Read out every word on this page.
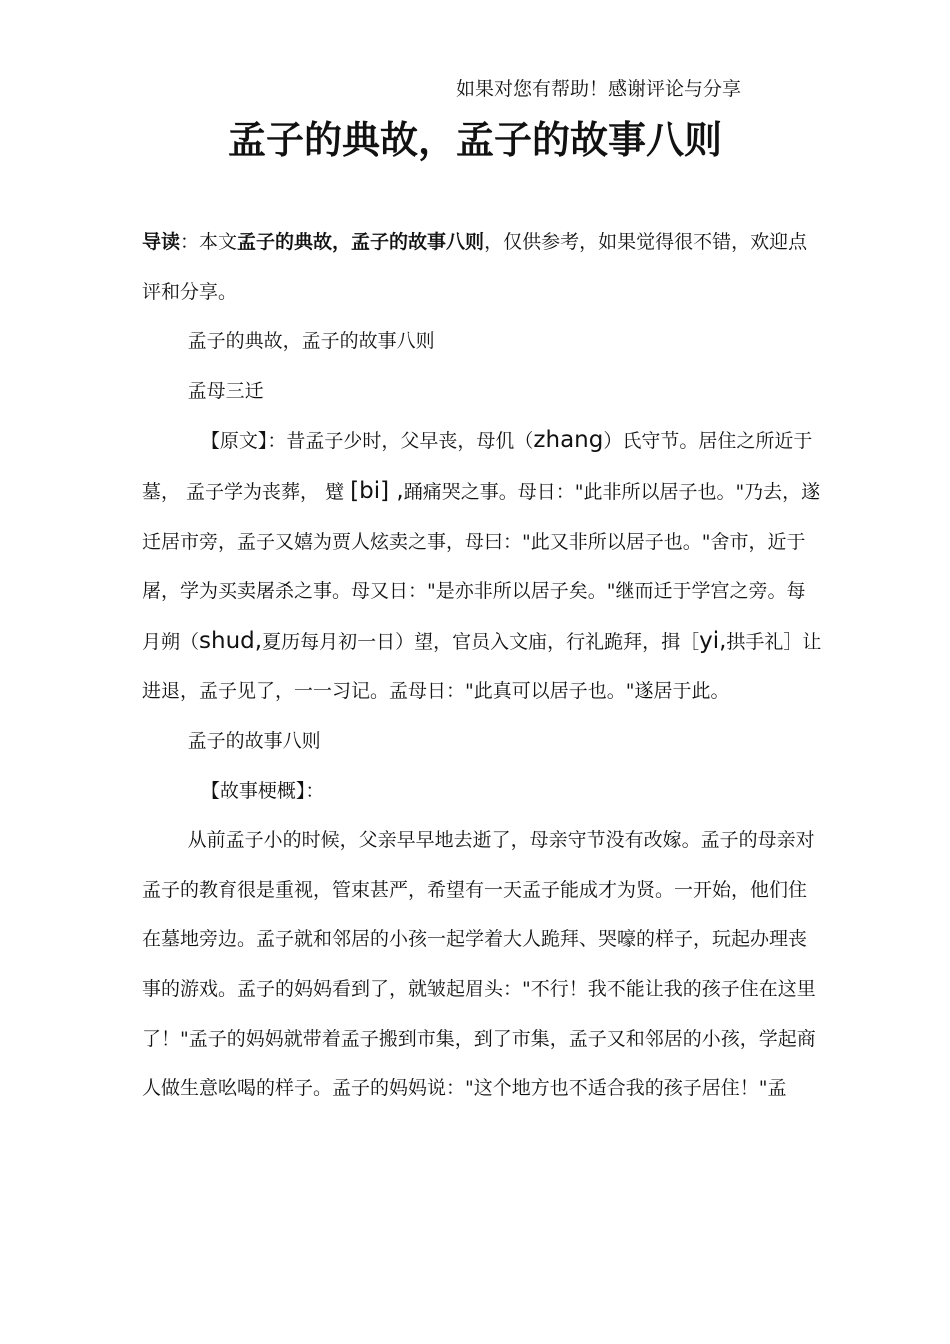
如果对您有帮助！感谢评论与分享
孟子的典故，孟子的故事八则

导读：本文孟子的典故，孟子的故事八则，仅供参考，如果觉得很不错，欢迎点评和分享。

孟子的典故，孟子的故事八则

孟母三迁

【原文】：昔孟子少时，父早丧，母仉（zhang）氏守节。居住之所近于墓， 孟子学为丧葬， 躄 [bi] ,踊痛哭之事。母日："此非所以居子也。"乃去，遂迁居市旁，孟子又嬉为贾人炫卖之事，母曰："此又非所以居子也。"舍市，近于屠，学为买卖屠杀之事。母又日："是亦非所以居子矣。"继而迁于学宫之旁。每月朔（shud,夏历每月初一日）望，官员入文庙，行礼跪拜，揖［yi,拱手礼］让进退，孟子见了，一一习记。孟母日："此真可以居子也。"遂居于此。

孟子的故事八则

【故事梗概】：

从前孟子小的时候，父亲早早地去逝了，母亲守节没有改嫁。孟子的母亲对孟子的教育很是重视，管束甚严，希望有一天孟子能成才为贤。一开始，他们住在墓地旁边。孟子就和邻居的小孩一起学着大人跪拜、哭嚎的样子，玩起办理丧事的游戏。孟子的妈妈看到了，就皱起眉头："不行！我不能让我的孩子住在这里了！"孟子的妈妈就带着孟子搬到市集，到了市集，孟子又和邻居的小孩，学起商人做生意吆喝的样子。孟子的妈妈说："这个地方也不适合我的孩子居住！"孟
